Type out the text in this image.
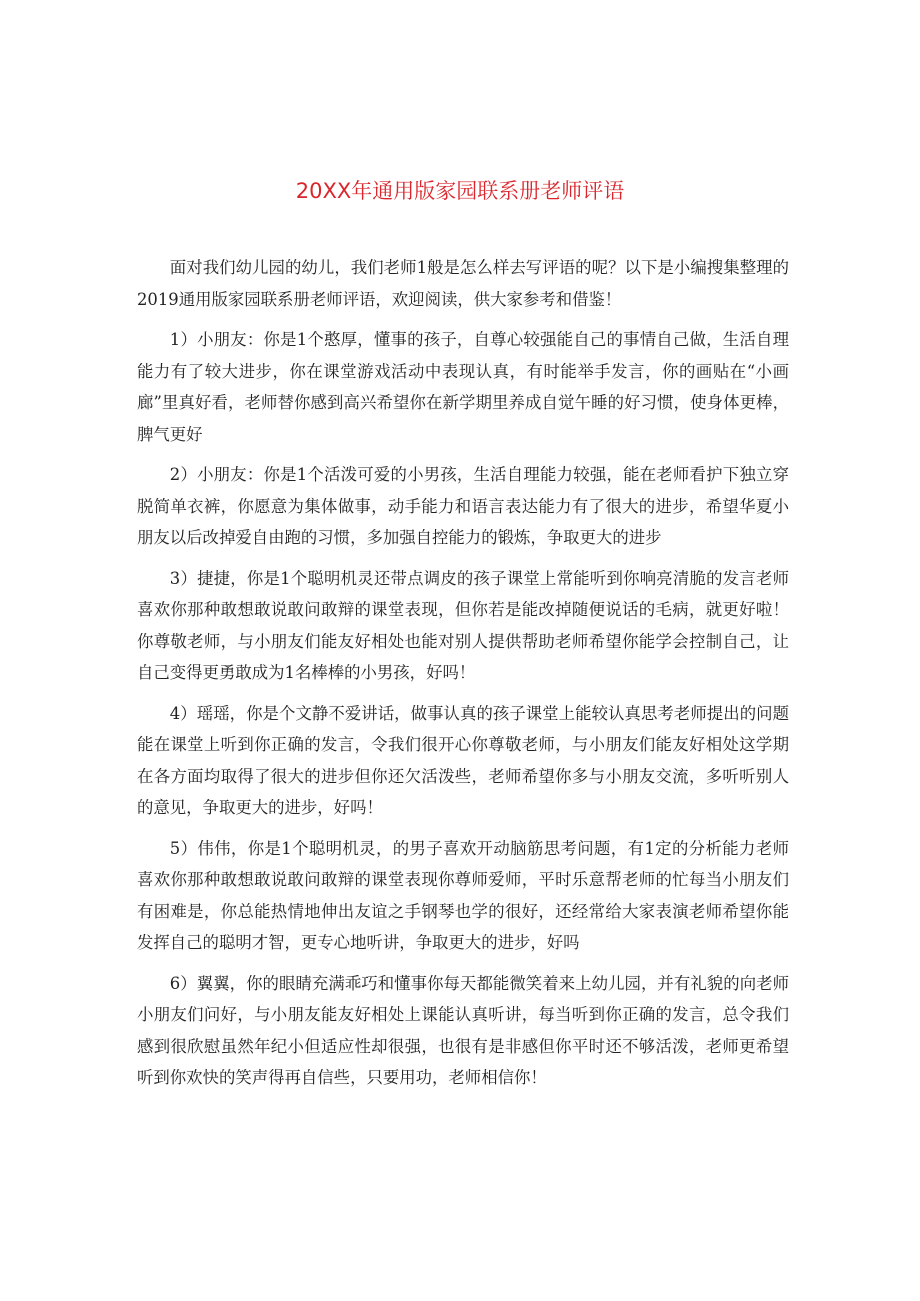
20XX年通用版家园联系册老师评语

面对我们幼儿园的幼儿，我们老师1般是怎么样去写评语的呢？以下是小编搜集整理的2019通用版家园联系册老师评语，欢迎阅读，供大家参考和借鉴！

1）小朋友：你是1个憨厚，懂事的孩子，自尊心较强能自己的事情自己做，生活自理能力有了较大进步，你在课堂游戏活动中表现认真，有时能举手发言，你的画贴在“小画廊”里真好看，老师替你感到高兴希望你在新学期里养成自觉午睡的好习惯，使身体更棒，脾气更好

2）小朋友：你是1个活泼可爱的小男孩，生活自理能力较强，能在老师看护下独立穿脱简单衣裤，你愿意为集体做事，动手能力和语言表达能力有了很大的进步，希望华夏小朋友以后改掉爱自由跑的习惯，多加强自控能力的锻炼，争取更大的进步

3）捷捷，你是1个聪明机灵还带点调皮的孩子课堂上常能听到你响亮清脆的发言老师喜欢你那种敢想敢说敢问敢辩的课堂表现，但你若是能改掉随便说话的毛病，就更好啦！你尊敬老师，与小朋友们能友好相处也能对别人提供帮助老师希望你能学会控制自己，让自己变得更勇敢成为1名棒棒的小男孩，好吗！

4）瑶瑶，你是个文静不爱讲话，做事认真的孩子课堂上能较认真思考老师提出的问题能在课堂上听到你正确的发言，令我们很开心你尊敬老师，与小朋友们能友好相处这学期在各方面均取得了很大的进步但你还欠活泼些，老师希望你多与小朋友交流，多听听别人的意见，争取更大的进步，好吗！

5）伟伟，你是1个聪明机灵，的男子喜欢开动脑筋思考问题，有1定的分析能力老师喜欢你那种敢想敢说敢问敢辩的课堂表现你尊师爱师，平时乐意帮老师的忙每当小朋友们有困难是，你总能热情地伸出友谊之手钢琴也学的很好，还经常给大家表演老师希望你能发挥自己的聪明才智，更专心地听讲，争取更大的进步，好吗

6）翼翼，你的眼睛充满乖巧和懂事你每天都能微笑着来上幼儿园，并有礼貌的向老师小朋友们问好，与小朋友能友好相处上课能认真听讲，每当听到你正确的发言，总令我们感到很欣慰虽然年纪小但适应性却很强，也很有是非感但你平时还不够活泼，老师更希望听到你欢快的笑声得再自信些，只要用功，老师相信你！
